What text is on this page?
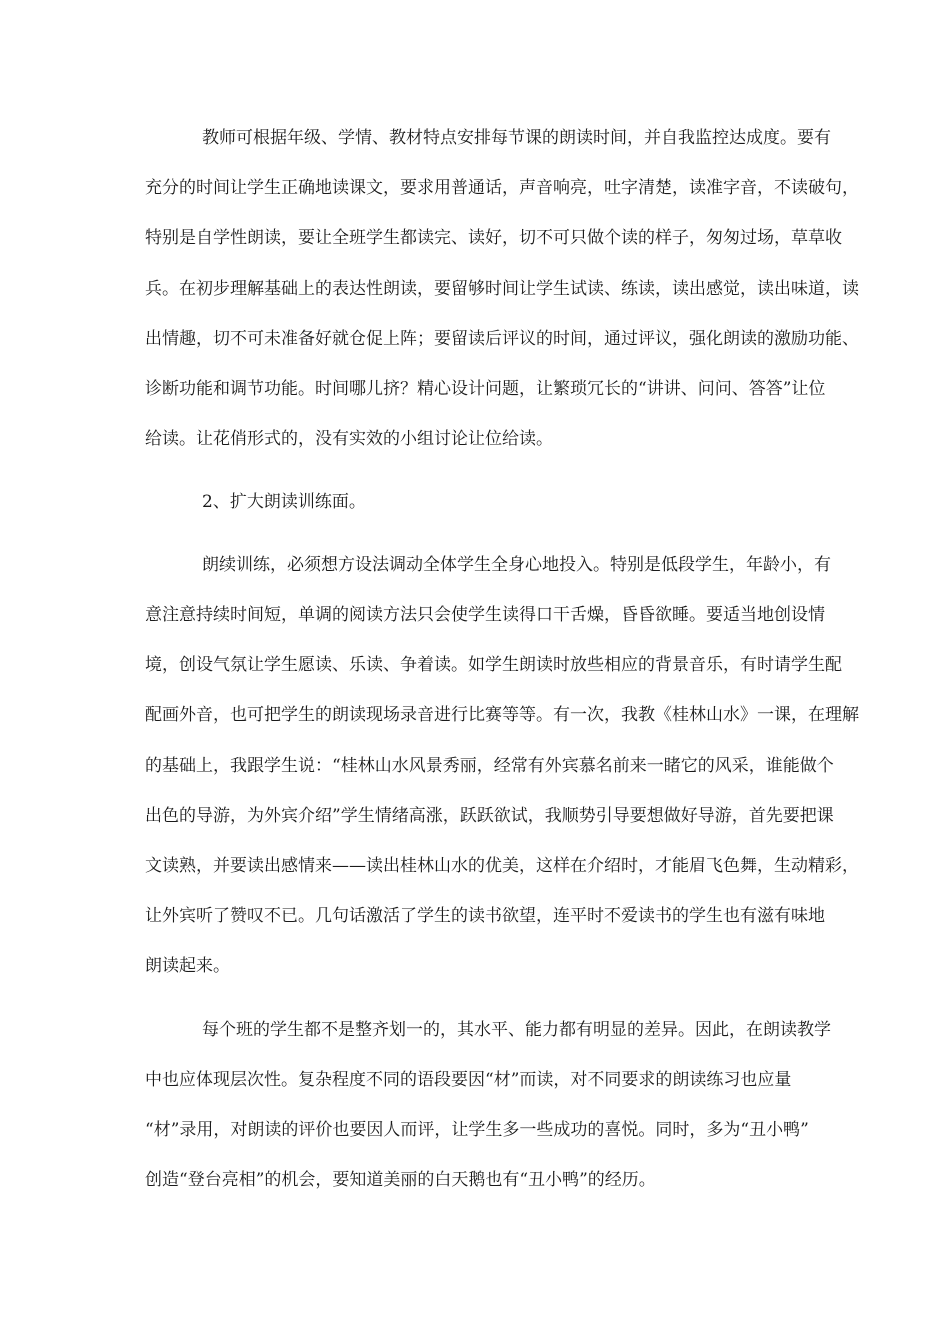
教师可根据年级、学情、教材特点安排每节课的朗读时间，并自我监控达成度。要有
充分的时间让学生正确地读课文，要求用普通话，声音响亮，吐字清楚，读准字音，不读破句，
特别是自学性朗读，要让全班学生都读完、读好，切不可只做个读的样子，匆匆过场，草草收
兵。在初步理解基础上的表达性朗读，要留够时间让学生试读、练读，读出感觉，读出味道，读
出情趣，切不可未准备好就仓促上阵；要留读后评议的时间，通过评议，强化朗读的激励功能、
诊断功能和调节功能。时间哪儿挤？精心设计问题，让繁琐冗长的“讲讲、问问、答答”让位
给读。让花俏形式的，没有实效的小组讨论让位给读。
2、扩大朗读训练面。
朗续训练，必须想方设法调动全体学生全身心地投入。特别是低段学生，年龄小，有
意注意持续时间短，单调的阅读方法只会使学生读得口干舌燥，昏昏欲睡。要适当地创设情
境，创设气氛让学生愿读、乐读、争着读。如学生朗读时放些相应的背景音乐，有时请学生配
配画外音，也可把学生的朗读现场录音进行比赛等等。有一次，我教《桂林山水》一课，在理解
的基础上，我跟学生说：“桂林山水风景秀丽，经常有外宾慕名前来一睹它的风采，谁能做个
出色的导游，为外宾介绍”学生情绪高涨，跃跃欲试，我顺势引导要想做好导游，首先要把课
文读熟，并要读出感情来——读出桂林山水的优美，这样在介绍时，才能眉飞色舞，生动精彩，
让外宾听了赞叹不已。几句话激活了学生的读书欲望，连平时不爱读书的学生也有滋有味地
朗读起来。
每个班的学生都不是整齐划一的，其水平、能力都有明显的差异。因此，在朗读教学
中也应体现层次性。复杂程度不同的语段要因“材”而读，对不同要求的朗读练习也应量
“材”录用，对朗读的评价也要因人而评，让学生多一些成功的喜悦。同时，多为“丑小鸭”
创造“登台亮相”的机会，要知道美丽的白天鹅也有“丑小鸭”的经历。
